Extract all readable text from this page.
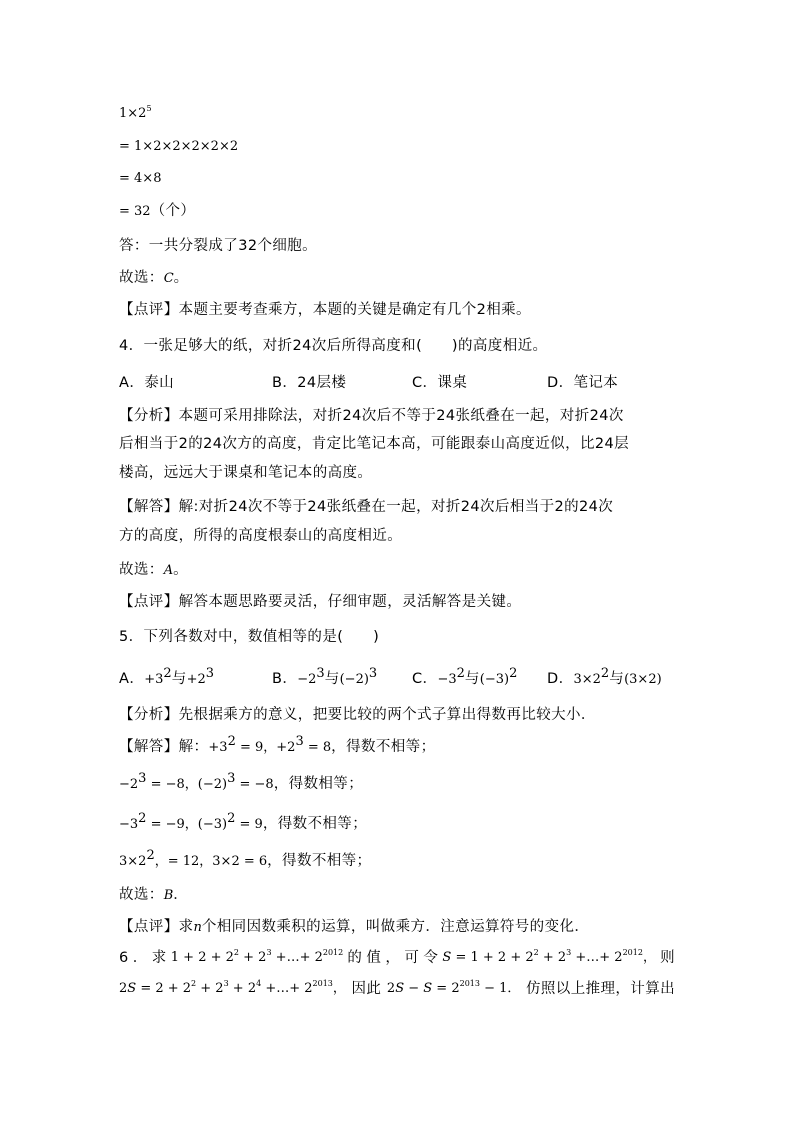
$1\times 2^5$
= 1×2×2×2×2×2
= 4×8
= 32（个）
答：一共分裂成了32个细胞。
故选：C。
【点评】本题主要考查乘方，本题的关键是确定有几个2相乘。
4．一张足够大的纸，对折24次后所得高度和(　　)的高度相近。
A．泰山	B．24层楼	C．课桌	D．笔记本
【分析】本题可采用排除法，对折24次后不等于24张纸叠在一起，对折24次
后相当于2的24次方的高度，肯定比笔记本高，可能跟泰山高度近似，比24层
楼高，远远大于课桌和笔记本的高度。
【解答】解:对折24次不等于24张纸叠在一起，对折24次后相当于2的24次
方的高度，所得的高度根泰山的高度相近。
故选：A。
【点评】解答本题思路要灵活，仔细审题，灵活解答是关键。
5．下列各数对中，数值相等的是(　　)
A．$+3^2$与$+2^3$	B．$-2^3$与$(-2)^3$ C．$-3^2$与$(-3)^2$ D．$3\times 2^2$与(3×2)
【分析】先根据乘方的意义，把要比较的两个式子算出得数再比较大小．
【解答】解：$+3^2 = 9$，$+2^3 = 8$，得数不相等；
$-2^3 = -8$，$(-2)^3 = -8$，得数相等；
$-3^2 = -9$，$(-3)^2 = 9$，得数不相等；
$3\times 2^2$，= 12，3×2 = 6，得数不相等；
故选：B．
【点评】求n个相同因数乘积的运算，叫做乘方．注意运算符号的变化．
6 ． 求 $1 + 2 + 2^2 + 2^3$ +…+ $2^{2012}$ 的 值 ， 可 令 $S = 1 + 2 + 2^2 + 2^3$ +…+ $2^{2012}$， 则
$2S = 2 + 2^2 + 2^3 + 2^4$ +…+ $2^{2013}$， 因此 $2S - S = 2^{2013} - 1$． 仿照以上推理，计算出
